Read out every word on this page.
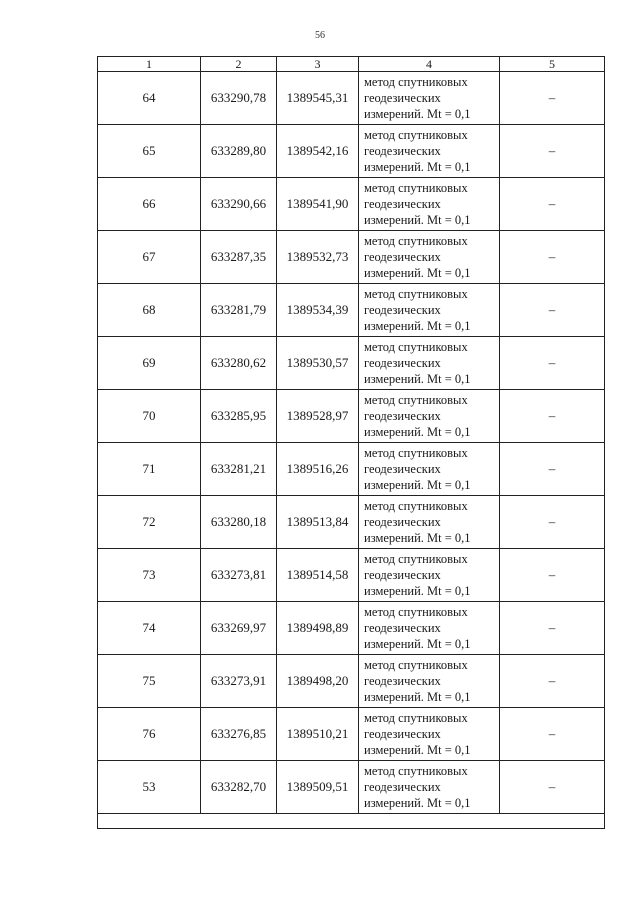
56
1	2	3	4	5
64	633290,78	1389545,31	метод спутниковых
геодезических
измерений. Mt = 0,1	–
65	633289,80	1389542,16	метод спутниковых
геодезических
измерений. Mt = 0,1	–
66	633290,66	1389541,90	метод спутниковых
геодезических
измерений. Mt = 0,1	–
67	633287,35	1389532,73	метод спутниковых
геодезических
измерений. Mt = 0,1	–
68	633281,79	1389534,39	метод спутниковых
геодезических
измерений. Mt = 0,1	–
69	633280,62	1389530,57	метод спутниковых
геодезических
измерений. Mt = 0,1	–
70	633285,95	1389528,97	метод спутниковых
геодезических
измерений. Mt = 0,1	–
71	633281,21	1389516,26	метод спутниковых
геодезических
измерений. Mt = 0,1	–
72	633280,18	1389513,84	метод спутниковых
геодезических
измерений. Mt = 0,1	–
73	633273,81	1389514,58	метод спутниковых
геодезических
измерений. Mt = 0,1	–
74	633269,97	1389498,89	метод спутниковых
геодезических
измерений. Mt = 0,1	–
75	633273,91	1389498,20	метод спутниковых
геодезических
измерений. Mt = 0,1	–
76	633276,85	1389510,21	метод спутниковых
геодезических
измерений. Mt = 0,1	–
53	633282,70	1389509,51	метод спутниковых
геодезических
измерений. Mt = 0,1	–
